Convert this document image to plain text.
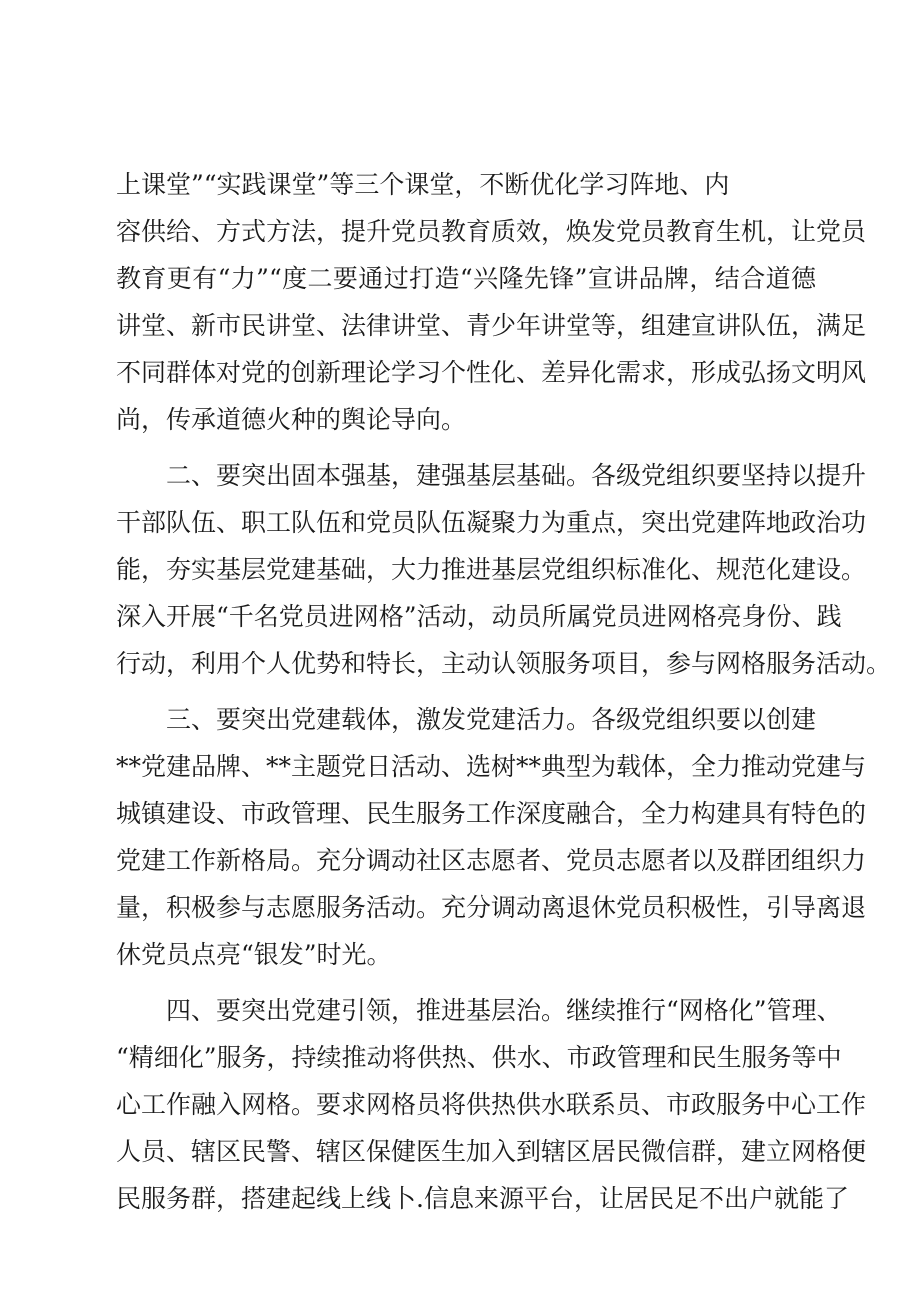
上课堂”“实践课堂”等三个课堂，不断优化学习阵地、内
容供给、方式方法，提升党员教育质效，焕发党员教育生机，让党员
教育更有“力”“度二要通过打造“兴隆先锋”宣讲品牌，结合道德
讲堂、新市民讲堂、法律讲堂、青少年讲堂等，组建宣讲队伍，满足
不同群体对党的创新理论学习个性化、差异化需求，形成弘扬文明风
尚，传承道德火种的舆论导向。
二、要突出固本强基，建强基层基础。各级党组织要坚持以提升
干部队伍、职工队伍和党员队伍凝聚力为重点，突出党建阵地政治功
能，夯实基层党建基础，大力推进基层党组织标准化、规范化建设。
深入开展“千名党员进网格”活动，动员所属党员进网格亮身份、践
行动，利用个人优势和特长，主动认领服务项目，参与网格服务活动。
三、要突出党建载体，激发党建活力。各级党组织要以创建
**党建品牌、**主题党日活动、选树**典型为载体，全力推动党建与
城镇建设、市政管理、民生服务工作深度融合，全力构建具有特色的
党建工作新格局。充分调动社区志愿者、党员志愿者以及群团组织力
量，积极参与志愿服务活动。充分调动离退休党员积极性，引导离退
休党员点亮“银发”时光。
四、要突出党建引领，推进基层治。继续推行“网格化”管理、
“精细化”服务，持续推动将供热、供水、市政管理和民生服务等中
心工作融入网格。要求网格员将供热供水联系员、市政服务中心工作
人员、辖区民警、辖区保健医生加入到辖区居民微信群，建立网格便
民服务群，搭建起线上线卜.信息来源平台，让居民足不出户就能了
